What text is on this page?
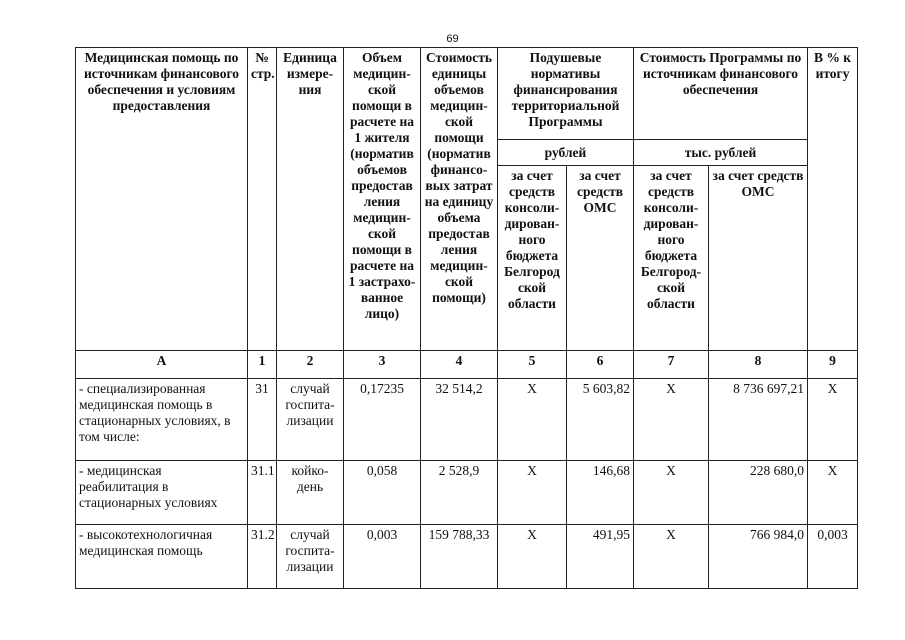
69
Медицинская помощь по источникам финансового обеспечения и условиям предоставления	№ стр.	Единица измере-ния	Объем медицин-ской помощи в расчете на 1 жителя (норматив объемов предостав ления медицин-ской помощи в расчете на 1 застрахо-ванное лицо)	Стоимость единицы объемов медицин-ской помощи (норматив финансо-вых затрат на единицу объема предостав ления медицин-ской помощи)	Подушевые нормативы финансирования территориальной Программы		Стоимость Программы по источникам финансового обеспечения		В % к итогу
					рублей		тыс. рублей		
					за счет средств консоли-дирован-ного бюджета Белгород ской области	за счет средств ОМС	за счет средств консоли-дирован-ного бюджета Белгород-ской области	за счет средств ОМС	
А	1	2	3	4	5	6	7	8	9
- специализированная медицинская помощь в стационарных условиях, в том числе:	31	случай госпита-лизации	0,17235	32 514,2	Х	5 603,82	Х	8 736 697,21	Х
- медицинская реабилитация в стационарных условиях	31.1	койко-день	0,058	2 528,9	Х	146,68	Х	228 680,0	Х
- высокотехнологичная медицинская помощь	31.2	случай госпита-лизации	0,003	159 788,33	Х	491,95	Х	766 984,0	0,003
